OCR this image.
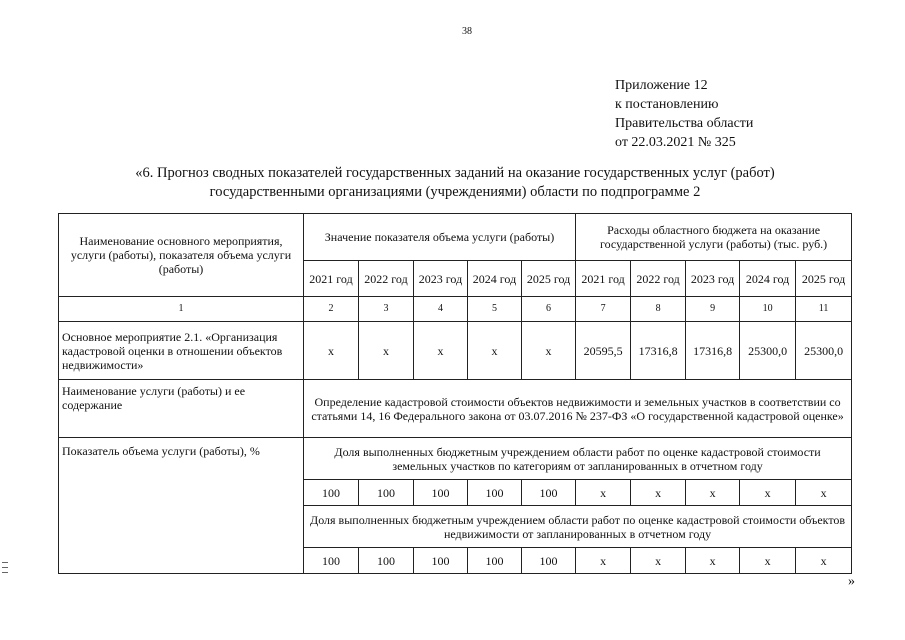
38
Приложение 12
к постановлению
Правительства области
от 22.03.2021 № 325
«6. Прогноз сводных показателей государственных заданий на оказание государственных услуг (работ)
государственными организациями (учреждениями) области по подпрограмме 2
Наименование основного мероприятия, услуги (работы), показателя объема услуги (работы)	Значение показателя объема услуги (работы)					Расходы областного бюджета на оказание государственной услуги (работы) (тыс. руб.)				
	2021 год	2022 год	2023 год	2024 год	2025 год	2021 год	2022 год	2023 год	2024 год	2025 год
1	2	3	4	5	6	7	8	9	10	11
Основное мероприятие 2.1. «Организация кадастровой оценки в отношении объектов недвижимости»	x	x	x	x	x	20595,5	17316,8	17316,8	25300,0	25300,0
Наименование услуги (работы) и ее содержание	Определение кадастровой стоимости объектов недвижимости и земельных участков в соответствии со статьями 14, 16 Федерального закона от 03.07.2016 № 237-ФЗ «О государственной кадастровой оценке»									
Показатель объема услуги (работы), %	Доля выполненных бюджетным учреждением области работ по оценке кадастровой стоимости земельных участков по категориям от запланированных в отчетном году									
	100	100	100	100	100	x	x	x	x	x
	Доля выполненных бюджетным учреждением области работ по оценке кадастровой стоимости объектов недвижимости от запланированных в отчетном году									
	100	100	100	100	100	x	x	x	x	x
»
